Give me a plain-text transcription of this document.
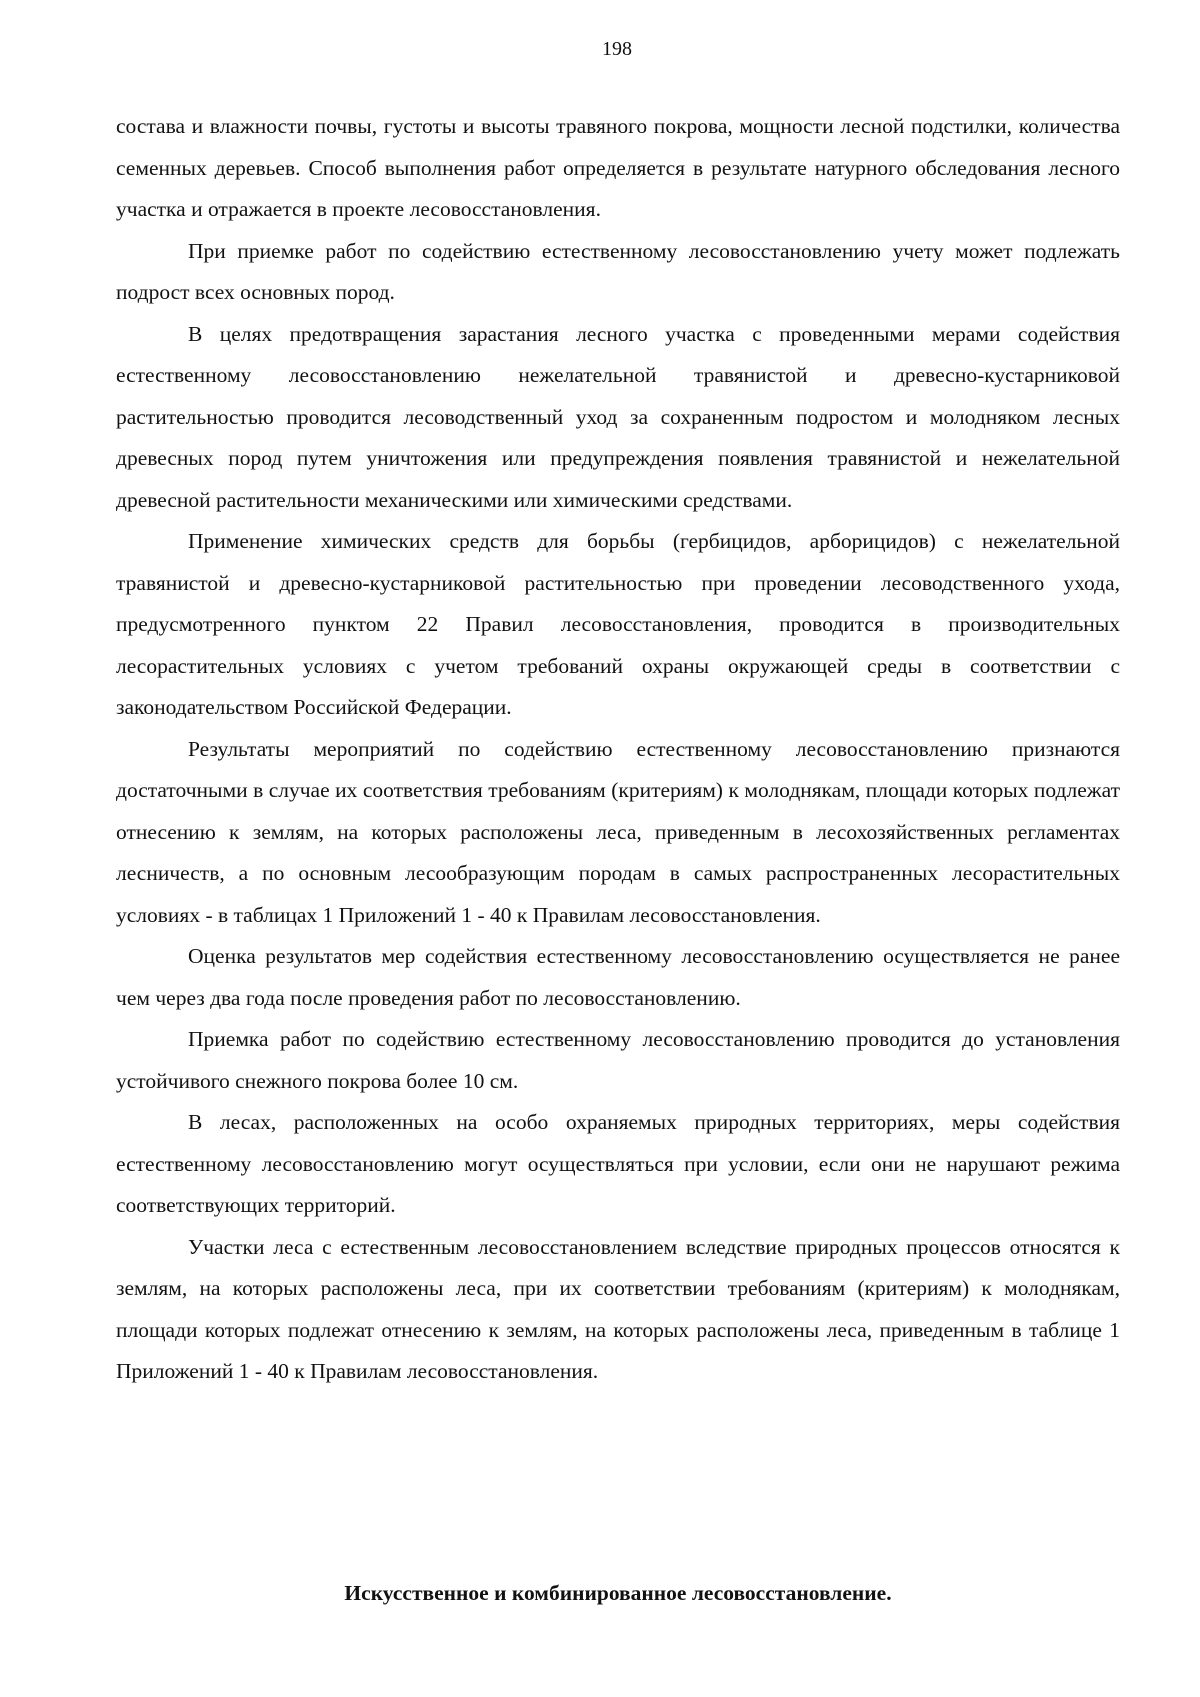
198

состава и влажности почвы, густоты и высоты травяного покрова, мощности лесной подстилки, количества семенных деревьев. Способ выполнения работ определяется в результате натурного обследования лесного участка и отражается в проекте лесовосстановления.

При приемке работ по содействию естественному лесовосстановлению учету может подлежать подрост всех основных пород.

В целях предотвращения зарастания лесного участка с проведенными мерами содействия естественному лесовосстановлению нежелательной травянистой и древесно-кустарниковой растительностью проводится лесоводственный уход за сохраненным подростом и молодняком лесных древесных пород путем уничтожения или предупреждения появления травянистой и нежелательной древесной растительности механическими или химическими средствами.

Применение химических средств для борьбы (гербицидов, арборицидов) с нежелательной травянистой и древесно-кустарниковой растительностью при проведении лесоводственного ухода, предусмотренного пунктом 22 Правил лесовосстановления, проводится в производительных лесорастительных условиях с учетом требований охраны окружающей среды в соответствии с законодательством Российской Федерации.

Результаты мероприятий по содействию естественному лесовосстановлению признаются достаточными в случае их соответствия требованиям (критериям) к молоднякам, площади которых подлежат отнесению к землям, на которых расположены леса, приведенным в лесохозяйственных регламентах лесничеств, а по основным лесообразующим породам в самых распространенных лесорастительных условиях - в таблицах 1 Приложений 1 - 40 к Правилам лесовосстановления.

Оценка результатов мер содействия естественному лесовосстановлению осуществляется не ранее чем через два года после проведения работ по лесовосстановлению.

Приемка работ по содействию естественному лесовосстановлению проводится до установления устойчивого снежного покрова более 10 см.

В лесах, расположенных на особо охраняемых природных территориях, меры содействия естественному лесовосстановлению могут осуществляться при условии, если они не нарушают режима соответствующих территорий.

Участки леса с естественным лесовосстановлением вследствие природных процессов относятся к землям, на которых расположены леса, при их соответствии требованиям (критериям) к молоднякам, площади которых подлежат отнесению к землям, на которых расположены леса, приведенным в таблице 1 Приложений 1 - 40 к Правилам лесовосстановления.

Искусственное и комбинированное лесовосстановление.
